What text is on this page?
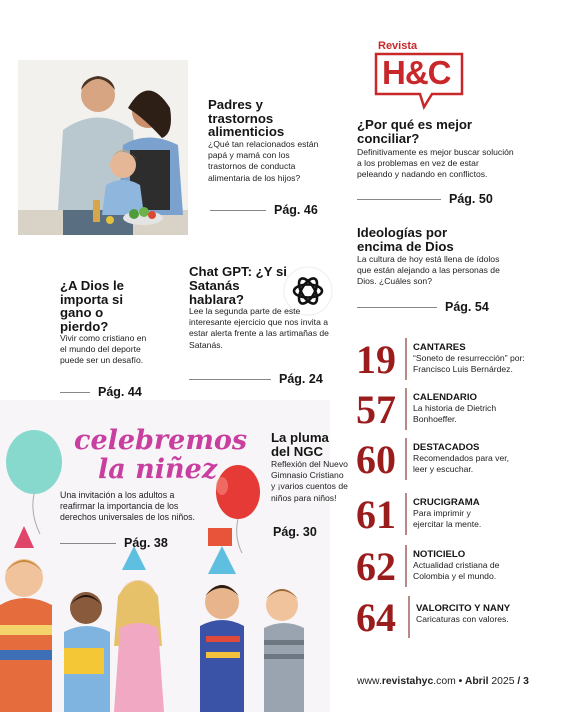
Padres y trastornos alimenticios
¿Qué tan relacionados están papá y mamá con los trastornos de conducta alimentaria de los hijos?
Pág. 46
Revista
H&C
¿Por qué es mejor conciliar?
Definitivamente es mejor buscar solución a los problemas en vez de estar peleando y nadando en conflictos.
Pág. 50
Ideologías por encima de Dios
La cultura de hoy está llena de ídolos que están alejando a las personas de Dios. ¿Cuáles son?
Pág. 54
Chat GPT: ¿Y si Satanás hablara?
Lee la segunda parte de este interesante ejercicio que nos invita a estar alerta frente a las artimañas de Satanás.
Pág. 24
¿A Dios le importa si gano o pierdo?
Vivir como cristiano en el mundo del deporte puede ser un desafío.
Pág. 44
celebremos
la niñez
Una invitación a los adultos a reafirmar la importancia de los derechos universales de los niños.
Pág. 38
La pluma del NGC
Reflexión del Nuevo Gimnasio Cristiano y ¡varios cuentos de niños para niños!
Pág. 30
19 CANTARES
“Soneto de resurrección” por: Francisco Luis Bernárdez.
57 CALENDARIO
La historia de Dietrich Bonhoeffer.
60 DESTACADOS
Recomendados para ver, leer y escuchar.
61 CRUCIGRAMA
Para imprimir y ejercitar la mente.
62 NOTICIELO
Actualidad cristiana de Colombia y el mundo.
64 VALORCITO Y NANY
Caricaturas con valores.
www.revistahyc.com • Abril 2025 / 3
